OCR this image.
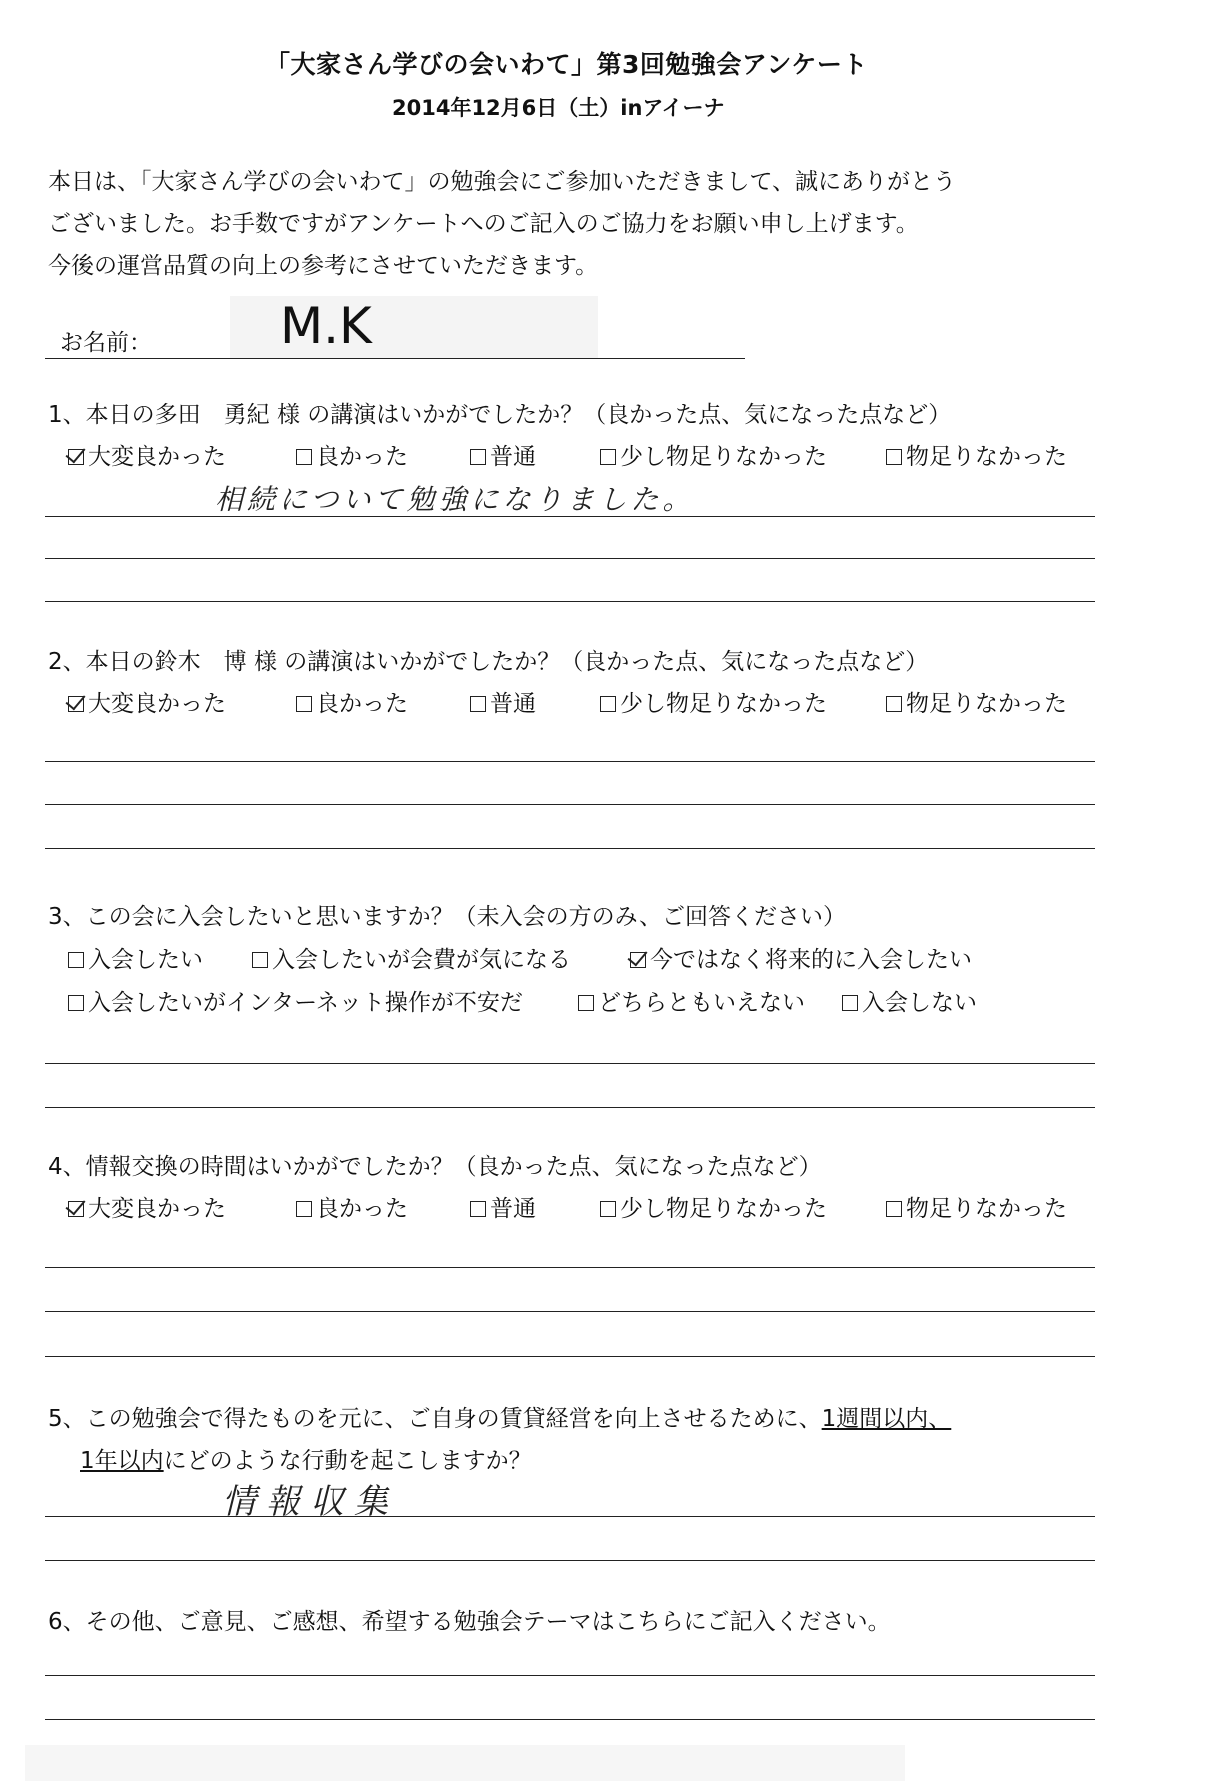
「大家さん学びの会いわて」第3回勉強会アンケート
2014年12月6日（土）inアイーナ
本日は、「大家さん学びの会いわて」の勉強会にご参加いただきまして、誠にありがとう
ございました。お手数ですがアンケートへのご記入のご協力をお願い申し上げます。
今後の運営品質の向上の参考にさせていただきます。
お名前：	M.K
1、本日の多田　勇紀 様 の講演はいかがでしたか？（良かった点、気になった点など）
大変良かった	良かった	普通	少し物足りなかった	物足りなかった
相続について勉強になりました。
2、本日の鈴木　博 様 の講演はいかがでしたか？（良かった点、気になった点など）
大変良かった	良かった	普通	少し物足りなかった	物足りなかった
3、この会に入会したいと思いますか？（未入会の方のみ、ご回答ください）
入会したい	入会したいが会費が気になる	今ではなく将来的に入会したい
入会したいがインターネット操作が不安だ	どちらともいえない	入会しない
4、情報交換の時間はいかがでしたか？（良かった点、気になった点など）
大変良かった	良かった	普通	少し物足りなかった	物足りなかった
5、この勉強会で得たものを元に、ご自身の賃貸経営を向上させるために、1週間以内、
1年以内にどのような行動を起こしますか？
情報収集
6、その他、ご意見、ご感想、希望する勉強会テーマはこちらにご記入ください。
